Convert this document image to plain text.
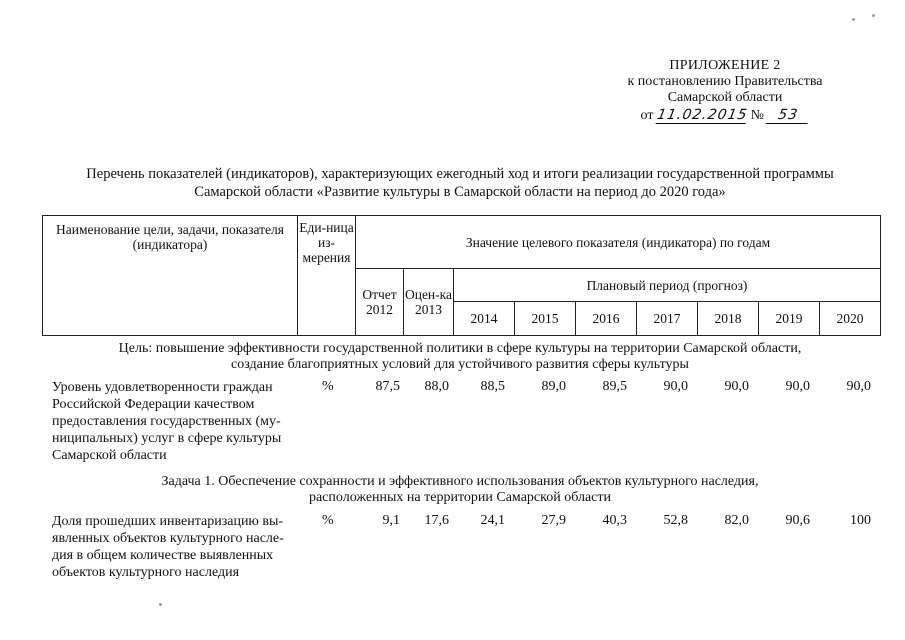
ПРИЛОЖЕНИЕ 2
к постановлению Правительства
Самарской области
от 11.02.2015 № 53
Перечень показателей (индикаторов), характеризующих ежегодный ход и итоги реализации государственной программы
Самарской области «Развитие культуры в Самарской области на период до 2020 года»
Наименование цели, задачи, показателя (индикатора)	Еди-ница из-мерения	Значение целевого показателя (индикатора) по годам								
		Отчет 2012	Оцен-ка 2013	Плановый период (прогноз)						
				2014	2015	2016	2017	2018	2019	2020
Цель: повышение эффективности государственной политики в сфере культуры на территории Самарской области,
создание благоприятных условий для устойчивого развития сферы культуры
Уровень удовлетворенности граждан
Российской Федерации качеством
предоставления государственных (му-
ниципальных) услуг в сфере культуры
Самарской области
%	87,5	88,0	88,5	89,0	89,5	90,0	90,0	90,0	90,0
Задача 1. Обеспечение сохранности и эффективного использования объектов культурного наследия,
расположенных на территории Самарской области
Доля прошедших инвентаризацию вы-
явленных объектов культурного насле-
дия в общем количестве выявленных
объектов культурного наследия
%	9,1	17,6	24,1	27,9	40,3	52,8	82,0	90,6	100
